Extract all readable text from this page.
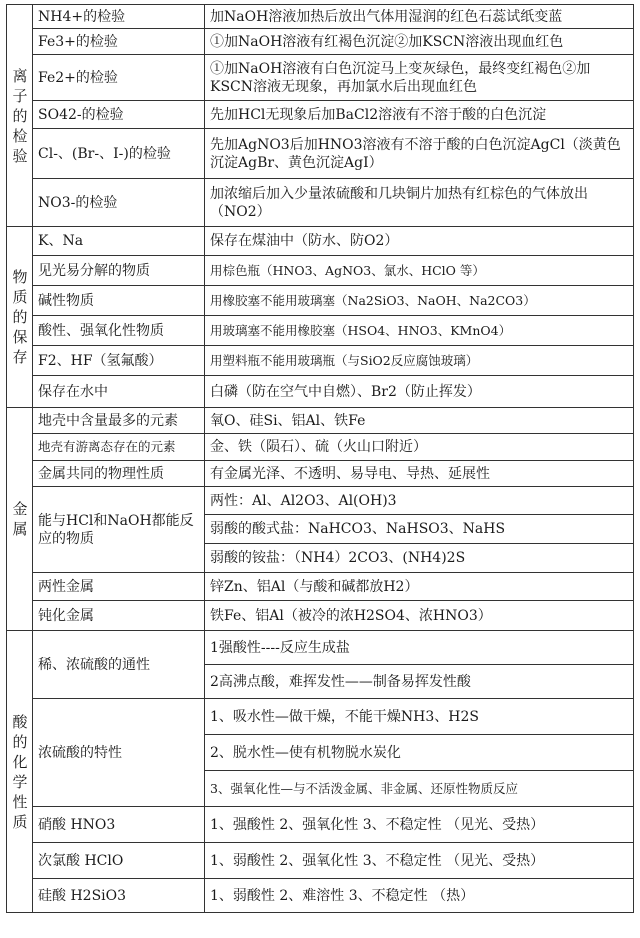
离子的检验	NH4+的检验	加NaOH溶液加热后放出气体用湿润的红色石蕊试纸变蓝
	Fe3+的检验	①加NaOH溶液有红褐色沉淀②加KSCN溶液出现血红色
	Fe2+的检验	①加NaOH溶液有白色沉淀马上变灰绿色，最终变红褐色②加KSCN溶液无现象，再加氯水后出现血红色
	SO42-的检验	先加HCl无现象后加BaCl2溶液有不溶于酸的白色沉淀
	Cl-、(Br-、I-)的检验	先加AgNO3后加HNO3溶液有不溶于酸的白色沉淀AgCl（淡黄色沉淀AgBr、黄色沉淀AgI）
	NO3-的检验	加浓缩后加入少量浓硫酸和几块铜片加热有红棕色的气体放出（NO2）
物质的保存	K、Na	保存在煤油中（防水、防O2）
	见光易分解的物质	用棕色瓶（HNO3、AgNO3、氯水、HClO 等）
	碱性物质	用橡胶塞不能用玻璃塞（Na2SiO3、NaOH、Na2CO3）
	酸性、强氧化性物质	用玻璃塞不能用橡胶塞（HSO4、HNO3、KMnO4）
	F2、HF（氢氟酸）	用塑料瓶不能用玻璃瓶（与SiO2反应腐蚀玻璃）
	保存在水中	白磷（防在空气中自燃）、Br2（防止挥发）
金属	地壳中含量最多的元素	氧O、硅Si、铝Al、铁Fe
	地壳有游离态存在的元素	金、铁（陨石）、硫（火山口附近）
	金属共同的物理性质	有金属光泽、不透明、易导电、导热、延展性
	能与HCl和NaOH都能反应的物质	两性：Al、Al2O3、Al(OH)3
		弱酸的酸式盐：NaHCO3、NaHSO3、NaHS
		弱酸的铵盐：（NH4）2CO3、(NH4)2S
	两性金属	锌Zn、铝Al（与酸和碱都放H2）
	钝化金属	铁Fe、铝Al（被冷的浓H2SO4、浓HNO3）
酸的化学性质	稀、浓硫酸的通性	1强酸性----反应生成盐
		2高沸点酸，难挥发性——制备易挥发性酸
	浓硫酸的特性	1、吸水性—做干燥，不能干燥NH3、H2S
		2、脱水性—使有机物脱水炭化
		3、强氧化性—与不活泼金属、非金属、还原性物质反应
	硝酸 HNO3	1、强酸性 2、强氧化性 3、不稳定性 （见光、受热）
	次氯酸 HClO	1、弱酸性 2、强氧化性 3、不稳定性 （见光、受热）
	硅酸 H2SiO3	1、弱酸性 2、难溶性 3、不稳定性 （热）
